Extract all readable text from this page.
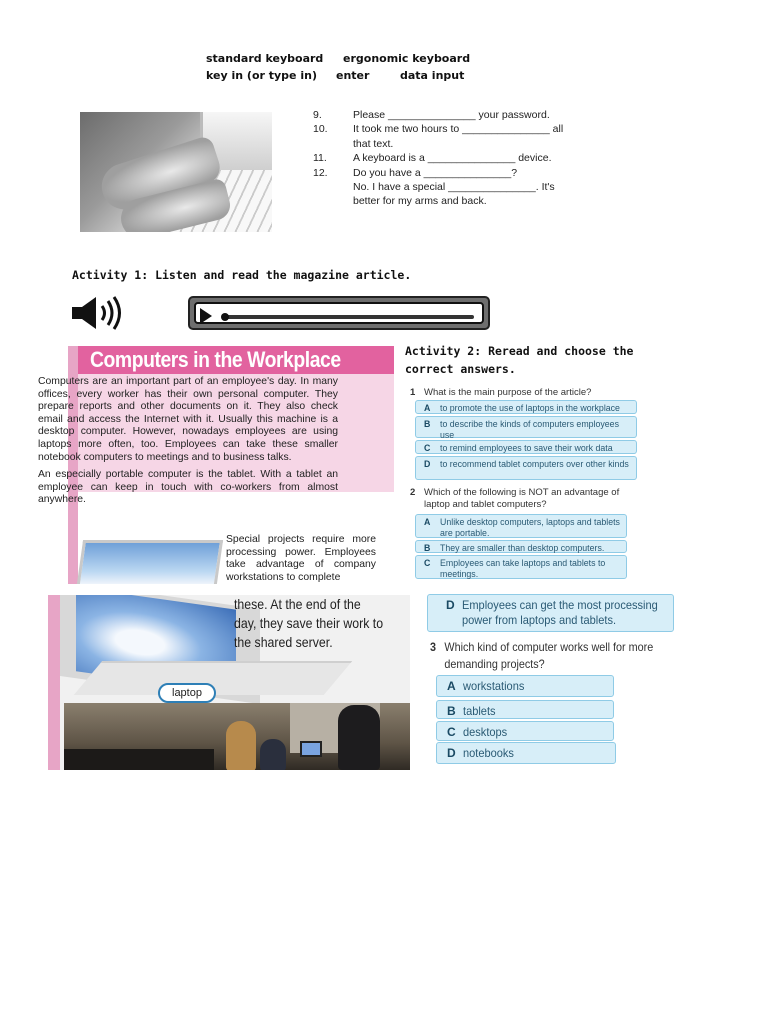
standard keyboard ergonomic keyboard
key in (or type in) enter	data input
9.	Please _______________ your password.
10. It took me two hours to _______________ all
that text.
11. A keyboard is a _______________ device.
12. Do you have a _______________?
No. I have a special _______________. It's
better for my arms and back.
Activity 1: Listen and read the magazine article.
Computers in the Workplace

Computers are an important part of an employee's day. In many offices, every worker has their own personal computer. They prepare reports and other documents on it. They also check email and access the Internet with it. Usually this machine is a desktop computer. However, nowadays employees are using laptops more often, too. Employees can take these smaller notebook computers to meetings and to business talks.

An especially portable computer is the tablet. With a tablet an employee can keep in touch with co-workers from almost anywhere.

Special projects require more processing power. Employees take advantage of company workstations to complete
Activity 2: Reread and choose the correct answers.
1 What is the main purpose of the article?
A to promote the use of laptops in the workplace
B to describe the kinds of computers employees use
C to remind employees to save their work data
D to recommend tablet computers over other kinds
2 Which of the following is NOT an advantage of
laptop and tablet computers?
A Unlike desktop computers, laptops and tablets are portable.
B They are smaller than desktop computers.
C Employees can take laptops and tablets to meetings.
laptop
these. At the end of the day, they save their work to the shared server.
D Employees can get the most processing power from laptops and tablets.
3 Which kind of computer works well for more
demanding projects?
A workstations
B tablets
C desktops
D notebooks
